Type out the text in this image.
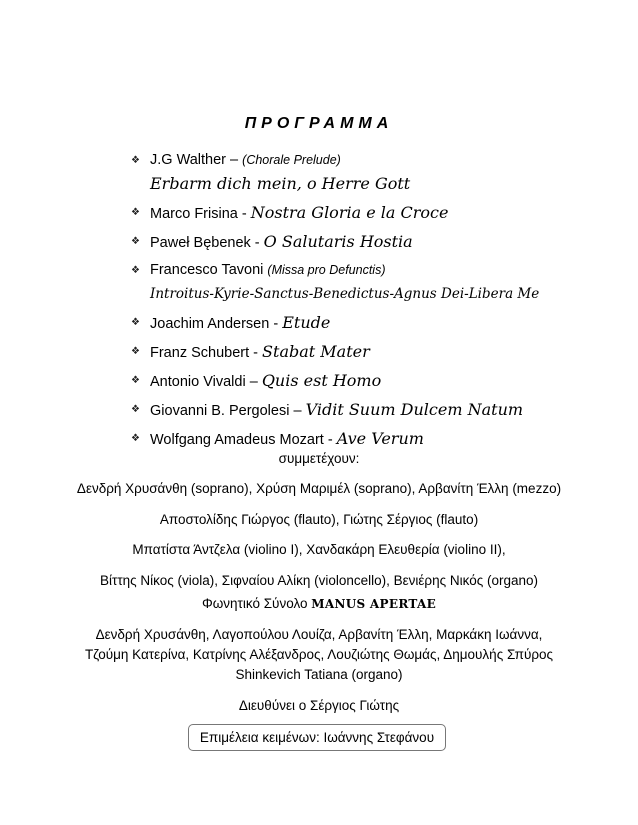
ΠΡΟΓΡΑΜΜΑ
❖ J.G Walther – (Chorale Prelude)
Erbarm dich mein, o Herre Gott
❖ Marco Frisina - Nostra Gloria e la Croce
❖ Paweł Bębenek - O Salutaris Hostia
❖ Francesco Tavoni (Missa pro Defunctis)
Introitus-Kyrie-Sanctus-Benedictus-Agnus Dei-Libera Me
❖ Joachim Andersen - Etude
❖ Franz Schubert - Stabat Mater
❖ Antonio Vivaldi – Quis est Homo
❖ Giovanni B. Pergolesi – Vidit Suum Dulcem Natum
❖ Wolfgang Amadeus Mozart - Ave Verum
συμμετέχουν:
Δενδρή Χρυσάνθη (soprano), Χρύση Μαριμέλ (soprano), Αρβανίτη Έλλη (mezzo)
Αποστολίδης Γιώργος (flauto), Γιώτης Σέργιος (flauto)
Μπατίστα Άντζελα (violino I), Χανδακάρη Ελευθερία (violino II),
Βίττης Νίκος (viola), Σιφναίου Αλίκη (violoncello), Βενιέρης Νικός (organo)
Φωνητικό Σύνολο MANUS APERTAE
Δενδρή Χρυσάνθη, Λαγοπούλου Λουίζα, Αρβανίτη Έλλη, Μαρκάκη Ιωάννα,
Τζούμη Κατερίνα, Κατρίνης Αλέξανδρος, Λουζιώτης Θωμάς, Δημουλής Σπύρος
Shinkevich Tatiana (organo)
Διευθύνει ο Σέργιος Γιώτης
Επιμέλεια κειμένων: Ιωάννης Στεφάνου
